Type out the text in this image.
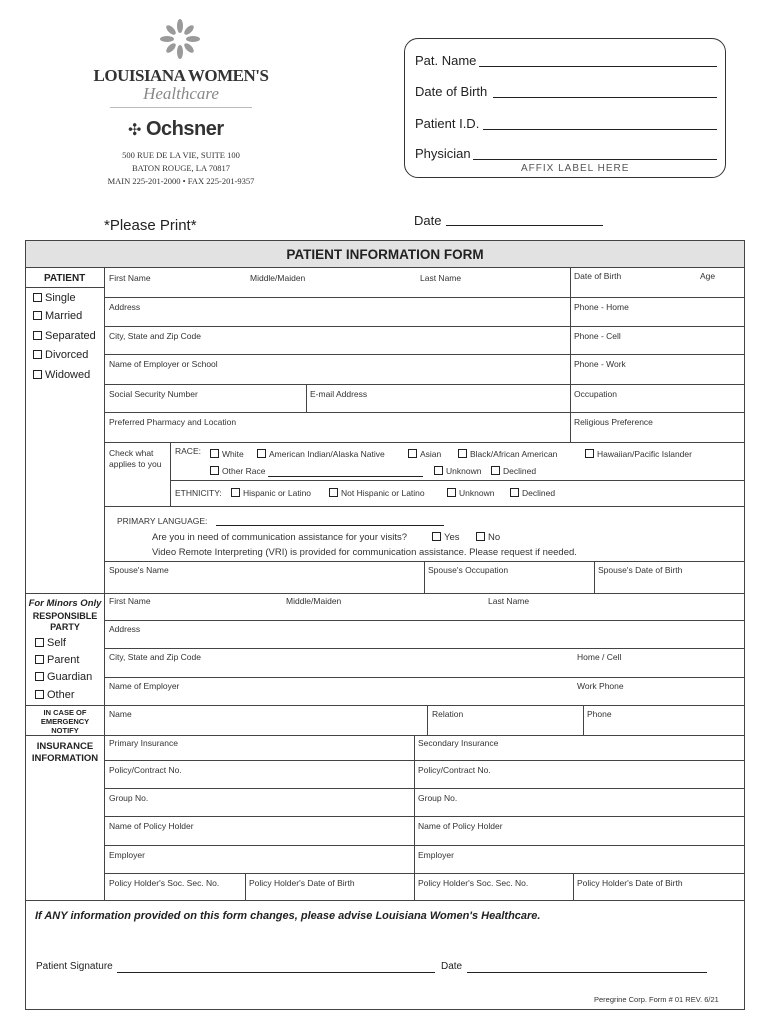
LOUISIANA WOMEN'S
Healthcare
✣ Ochsner
500 RUE DE LA VIE, SUITE 100
BATON ROUGE, LA 70817
MAIN 225-201-2000 • FAX 225-201-9357
Pat. Name
Date of Birth
Patient I.D.
Physician
AFFIX LABEL HERE
*Please Print*	Date
PATIENT INFORMATION FORM
PATIENT
Single
Married
Separated
Divorced
Widowed
First Name	Middle/Maiden	Last Name	Date of Birth	Age
Address	Phone - Home
City, State and Zip Code	Phone - Cell
Name of Employer or School	Phone - Work
Social Security Number	E-mail Address	Occupation
Preferred Pharmacy and Location	Religious Preference
Check what
applies to you
RACE:	White	American Indian/Alaska Native	Asian	Black/African American	Hawaiian/Pacific Islander
Other Race	Unknown	Declined
ETHNICITY:	Hispanic or Latino	Not Hispanic or Latino	Unknown	Declined
PRIMARY LANGUAGE:
Are you in need of communication assistance for your visits?	Yes	No
Video Remote Interpreting (VRI) is provided for communication assistance. Please request if needed.
Spouse's Name	Spouse's Occupation	Spouse's Date of Birth
For Minors Only
RESPONSIBLE
PARTY
Self
Parent
Guardian
Other
First Name	Middle/Maiden	Last Name
Address
City, State and Zip Code	Home / Cell
Name of Employer	Work Phone
IN CASE OF
EMERGENCY
NOTIFY
Name	Relation	Phone
INSURANCE
INFORMATION
Primary Insurance	Secondary Insurance
Policy/Contract No.	Policy/Contract No.
Group No.	Group No.
Name of Policy Holder	Name of Policy Holder
Employer	Employer
Policy Holder's Soc. Sec. No.	Policy Holder's Date of Birth	Policy Holder's Soc. Sec. No.	Policy Holder's Date of Birth
If ANY information provided on this form changes, please advise Louisiana Women's Healthcare.
Patient Signature	Date
Peregrine Corp. Form # 01 REV. 6/21
